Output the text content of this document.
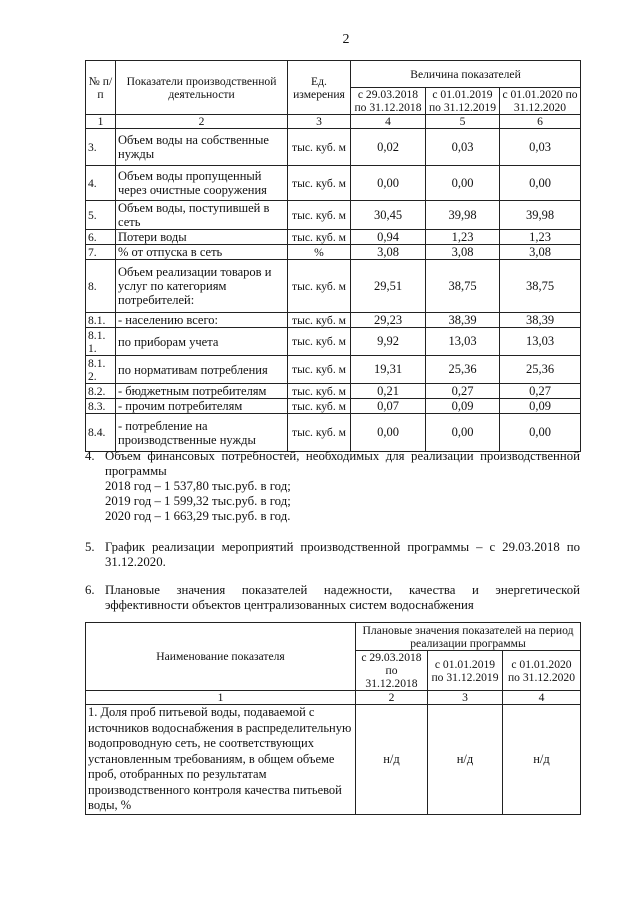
2
№ п/п	Показатели производственной деятельности	Ед. измерения	Величина показателей		
			с 29.03.2018 по 31.12.2018	с 01.01.2019 по 31.12.2019	с 01.01.2020 по 31.12.2020
1	2	3	4	5	6
3.	Объем воды на собственные нужды	тыс. куб. м	0,02	0,03	0,03
4.	Объем воды пропущенный через очистные сооружения	тыс. куб. м	0,00	0,00	0,00
5.	Объем воды, поступившей в сеть	тыс. куб. м	30,45	39,98	39,98
6.	Потери воды	тыс. куб. м	0,94	1,23	1,23
7.	% от отпуска в сеть	%	3,08	3,08	3,08
8.	Объем реализации товаров и услуг по категориям потребителей:	тыс. куб. м	29,51	38,75	38,75
8.1.	- населению всего:	тыс. куб. м	29,23	38,39	38,39
8.1. 1.	по приборам учета	тыс. куб. м	9,92	13,03	13,03
8.1. 2.	по нормативам потребления	тыс. куб. м	19,31	25,36	25,36
8.2.	- бюджетным потребителям	тыс. куб. м	0,21	0,27	0,27
8.3.	- прочим потребителям	тыс. куб. м	0,07	0,09	0,09
8.4.	- потребление на производственные нужды	тыс. куб. м	0,00	0,00	0,00
4. Объем финансовых потребностей, необходимых для реализации производственной программы
2018 год – 1 537,80 тыс.руб. в год;
2019 год – 1 599,32 тыс.руб. в год;
2020 год – 1 663,29 тыс.руб. в год.
5. График реализации мероприятий производственной программы – с 29.03.2018 по 31.12.2020.
6. Плановые значения показателей надежности, качества и энергетической эффективности объектов централизованных систем водоснабжения
Наименование показателя	Плановые значения показателей на период реализации программы		
	с 29.03.2018 по 31.12.2018	с 01.01.2019 по 31.12.2019	с 01.01.2020 по 31.12.2020
1	2	3	4
1. Доля проб питьевой воды, подаваемой с источников водоснабжения в распределительную водопроводную сеть, не соответствующих установленным требованиям, в общем объеме проб, отобранных по результатам производственного контроля качества питьевой воды, %	н/д	н/д	н/д
